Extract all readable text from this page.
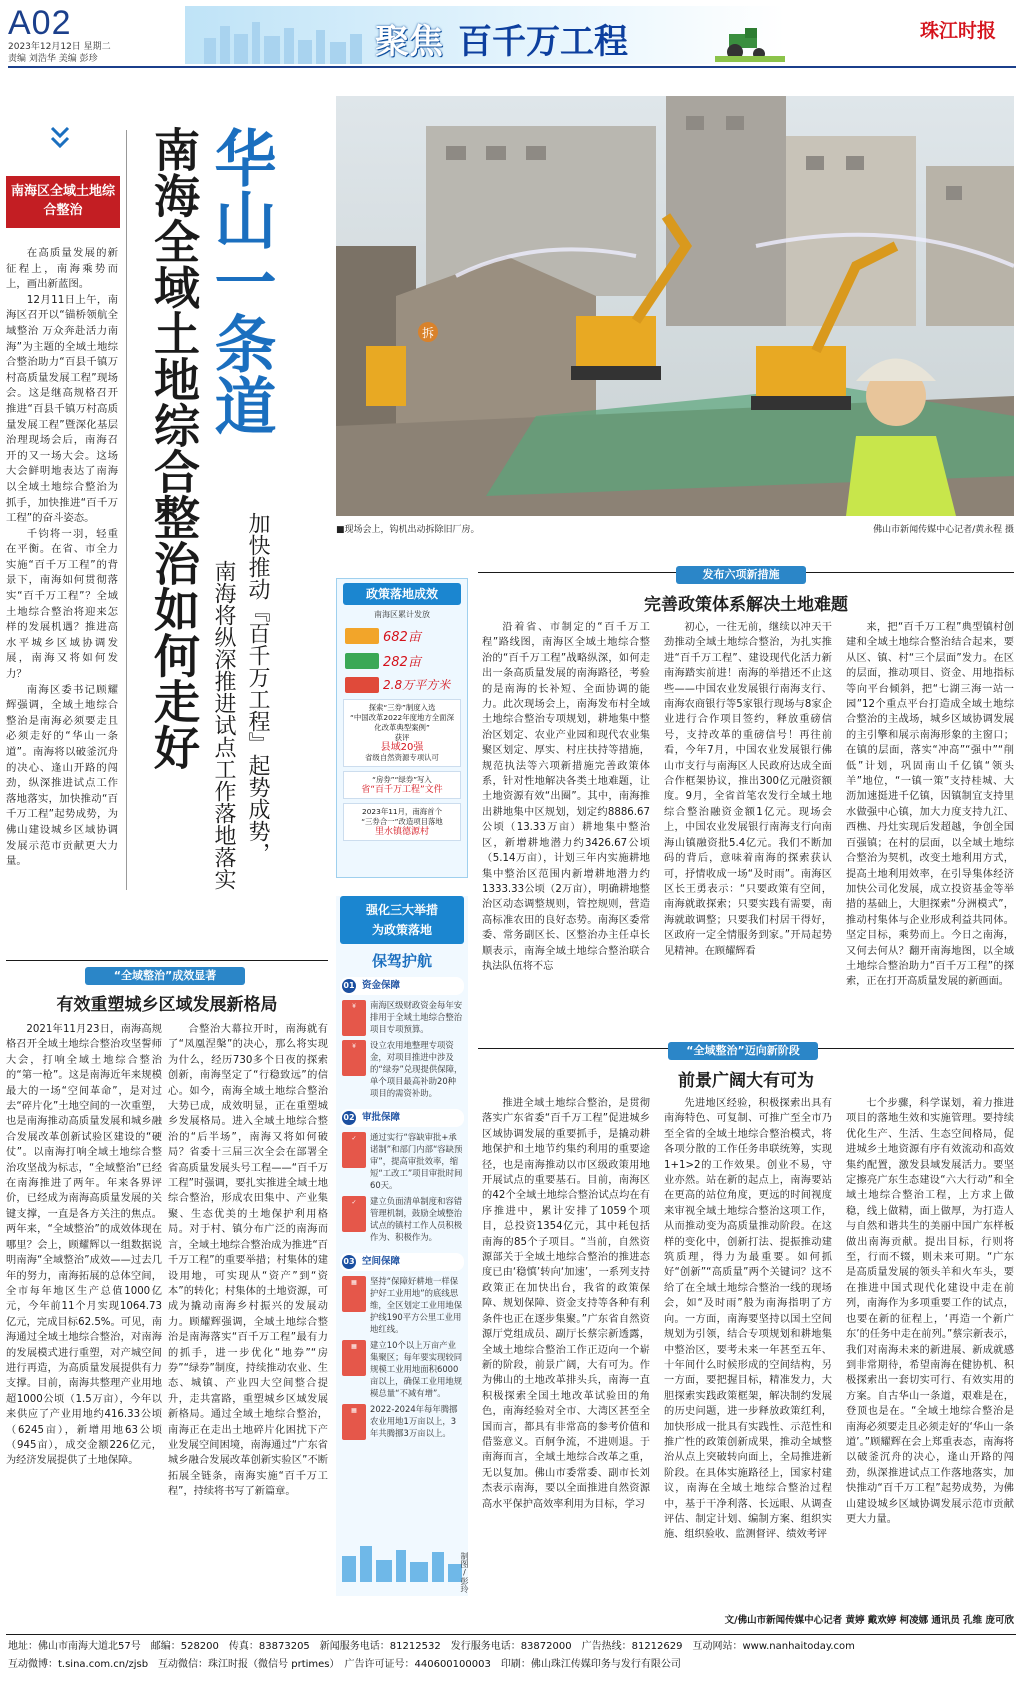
A02
2023年12月12日 星期二
责编 刘浩华 美编 彭珍	聚焦 百千万工程	珠江时报
南海区全域土地综合整治	华山一条道
南海全域土地综合整治如何走好 加快推动『百千万工程』起势成势，
南海将纵深推进试点工作落地落实

在高质量发展的新征程上，南海乘势而上，画出新蓝图。

12月11日上午，南海区召开以“锚桥领航全域整治 万众奔赴活力南海”为主题的全域土地综合整治助力“百县千镇万村高质量发展工程”现场会。这是继高规格召开推进“百县千镇万村高质量发展工程”暨深化基层治理现场会后，南海召开的又一场大会。这场大会鲜明地表达了南海以全域土地综合整治为抓手，加快推进“百千万工程”的奋斗姿态。

千钧将一羽，轻重在平衡。在省、市全力实施“百千万工程”的背景下，南海如何贯彻落实“百千万工程”？全域土地综合整治将迎来怎样的发展机遇？推进高水平城乡区域协调发展，南海又将如何发力？

南海区委书记顾耀辉强调，全域土地综合整治是南海必须要走且必须走好的“华山一条道”。南海将以破釜沉舟的决心、逢山开路的闯劲，纵深推进试点工作落地落实，加快推动“百千万工程”起势成势，为佛山建设城乡区域协调发展示范市贡献更大力量。

拆
■现场会上，钩机出动拆除旧厂房。	佛山市新闻传媒中心记者/黄永程 摄
政策落地成效
南海区累计发放
682亩
282亩
2.8万平方米
探索“三券”制度入选
“中国改革2022年度地方全面深化改革典型案例”
获评
县域20强
省级自然资源专项认可
“房券”“绿券”写入
省“百千万工程”文件
2023年11月，南海首个
“三券合一”改造项目落地
里水镇德源村
强化三大举措
为政策落地
保驾护航
01 资金保障
¥	南海区级财政资金每年安排用于全域土地综合整治项目专项预算。
¥	设立农用地整理专项资金，对项目推进中涉及的“绿券”兑现提供保障，单个项目最高补助20种项目的需资补助。
02 审批保障
✓	通过实行“容缺审批+承诺制”和部门内部“容缺预审”，提高审批效率，缩短“工改工”项目审批时间60天。
✓	建立负面清单制度和容错管理机制，鼓励全域整治试点的镇村工作人员积极作为、积极作为。
03 空间保障
▦	坚持“保障好耕地一样保护好工业用地”的底线思维，全区划定工业用地保护线190平方公里工业用地红线。
▦	建立10个以上万亩产业集聚区；每年要实现较同规模工业用地面积6000亩以上，确保工业用地规模总量“不减有增”。
▦	2022-2024年每年腾挪农业用地1万亩以上，3年共腾挪3万亩以上。
制图/彭玲
“全域整治”成效显著
有效重塑城乡区域发展新格局

2021年11月23日，南海高规格召开全域土地综合整治攻坚誓师大会，打响全域土地综合整治的“第一枪”。这是南海近年来规模最大的一场“空间革命”，是对过去“碎片化”土地空间的一次重塑，也是南海推动高质量发展和城乡融合发展改革创新试验区建设的“硬仗”。以南海打响全域土地综合整治攻坚战为标志，“全域整治”已经在南海推进了两年。年来各界评价，已经成为南海高质量发展的关键支撑，一直是各方关注的焦点。两年来，“全域整治”的成效体现在哪里？会上，顾耀辉以一组数据说明南海“全域整治”成效——过去几年的努力，南海拓展的总体空间，全市每年地区生产总值1000亿元，今年前11个月实现1064.73亿元，完成目标62.5%。可见，南海通过全域土地综合整治，对南海的发展模式进行重塑，对产城空间进行再造，为高质量发展提供有力支撑。目前，南海共整理产业用地超1000公顷（1.5万亩），今年以来供应了产业用地约416.33公顷（6245亩），新增用地63公顷（945亩），成交金额226亿元，为经济发展提供了土地保障。

合整治大幕拉开时，南海就有了“凤凰涅槃”的决心，那么将实现为什么，经历730多个日夜的探索创新，南海坚定了“行稳致远”的信心。如今，南海全域土地综合整治大势已成，成效明显，正在重塑城乡发展格局。进入全域土地综合整治的“后半场”，南海又将如何破局？省委十三届三次全会在部署全省高质量发展头号工程——“百千万工程”时强调，要扎实推进全域土地综合整治，形成农田集中、产业集聚、生态优美的土地保护利用格局。对于村、镇分布广泛的南海而言，全域土地综合整治成为推进“百千万工程”的重要举措；村集体的建设用地，可实现从“资产”到“资本”的转化；村集体的土地资源，可成为撬动南海乡村振兴的发展动力。顾耀辉强调，全域土地综合整治是南海落实“百千万工程”最有力的抓手，进一步优化“地券”“房券”“绿券”制度，持续推动农业、生态、城镇、产业四大空间整合提升，走共富路，重塑城乡区域发展新格局。通过全域土地综合整治，南海正在走出土地碎片化困扰下产业发展空间困境，南海通过“广东省城乡融合发展改革创新实验区”不断拓展全链条，南海实施“百千万工程”，持续将书写了新篇章。

发布六项新措施
完善政策体系解决土地难题

沿着省、市制定的“百千万工程”路线图，南海区全域土地综合整治的“百千万工程”战略纵深，如何走出一条高质量发展的南海路径，考验的是南海的长补短、全面协调的能力。此次现场会上，南海发布村全域土地综合整治专项规划，耕地集中整治区划定、农业产业园和现代农业集聚区划定、厚实、村庄扶持等措施，规范执法等六项新措施完善政策体系，针对性地解决各类土地难题，让土地资源有效“出圈”。其中，南海推出耕地集中区规划，划定约8886.67公顷（13.33万亩）耕地集中整治区，新增耕地潜力约3426.67公顷（5.14万亩），计划三年内实施耕地集中整治区范围内新增耕地潜力约1333.33公顷（2万亩），明确耕地整治区动态调整规则，管控规则，营造高标准农田的良好态势。南海区委常委、常务副区长、区整治办主任卓长顺表示，南海全域土地综合整治联合执法队伍将不忘

初心，一往无前，继续以冲天干劲推动全域土地综合整治，为扎实推进“百千万工程”、建设现代化活力新南海踏实前进！南海的举措还不止这些——中国农业发展银行南海支行、南海农商银行等5家银行现场与8家企业进行合作项目签约，释放重磅信号，支持改革的重磅信号！再往前看，今年7月，中国农业发展银行佛山市支行与南海区人民政府达成全面合作框架协议，推出300亿元融资额度。9月，全省首笔农发行全域土地综合整治融资金额1亿元。现场会上，中国农业发展银行南海支行向南海山镇融资批5.4亿元。我们不断加码的背后，意味着南海的探索获认可，抒情收成一场“及时雨”。南海区区长王勇表示：“只要政策有空间，南海就敢探索；只要实践有需要，南海就敢调整；只要我们村居干得好，区政府一定全情服务到家。”开局起势见精神。在顾耀辉看

来，把“百千万工程”典型镇村创建和全域土地综合整治结合起来，要从区、镇、村“三个层面”发力。在区的层面，推动项目、资金、用地指标等向平台倾斜，把“七湖三海一站一园”12个重点平台打造成全域土地综合整治的主战场，城乡区域协调发展的主引擎和展示南海形象的主窗口；在镇的层面，落实“冲高”“强中”“削低”计划，巩固南山千亿镇“领头羊”地位，“一镇一策”支持桂城、大沥加速挺进千亿镇，因镇制宜支持里水做强中心镇，加大力度支持九江、西樵、丹灶实现后发超越，争创全国百强镇；在村的层面，以全域土地综合整治为契机，改变土地利用方式，提高土地利用效率，在引导集体经济加快公司化发展，成立投资基金等举措的基础上，大胆探索“分洲模式”，推动村集体与企业形成利益共同体。坚定目标，乘势而上。今日之南海，又何去何从？翻开南海地图，以全域土地综合整治助力“百千万工程”的探索，正在打开高质量发展的新画面。

“全域整治”迈向新阶段
前景广阔大有可为

推进全域土地综合整治，是贯彻落实广东省委“百千万工程”促进城乡区域协调发展的重要抓手，是撬动耕地保护和土地节约集约利用的重要途径，也是南海推动以市区级政策用地开展试点的重要基石。目前，南海区的42个全域土地综合整治试点均在有序推进中，累计安排了1059个项目，总投资1354亿元，其中耗包括南海的85个子项目。“当前，自然资源部关于全域土地综合整治的推进态度已由‘稳慎’转向‘加速’，一系列支持政策正在加快出台，我省的政策保障、规划保障、资金支持等各种有利条件也正在逐步集聚。”广东省自然资源厅党组成员、副厅长蔡宗新透露，全域土地综合整治工作正迈向一个崭新的阶段，前景广阔，大有可为。作为佛山的土地改革排头兵，南海一直积极探索全国土地改革试验田的角色，南海经验对全市、大湾区甚至全国而言，都具有非常高的参考价值和借鉴意义。百舸争流，不进则退。于南海而言，全域土地综合改革之重，无以复加。佛山市委常委、副市长刘杰表示南海，要以全面推进自然资源高水平保护高效率利用为目标，学习

先进地区经验，积极探索出具有南海特色、可复制、可推广至全市乃至全省的全域土地综合整治模式，将各项分散的工作任务串联统筹，实现1+1>2的工作效果。创业不易，守业亦然。站在新的起点上，南海要站在更高的站位角度，更远的时间视度来审视全域土地综合整治这项工作，从而推动变为高质量推动阶段。在这样的变化中，创新打法、提振推动建筑质理，得力为最重要。如何抓好“创新”“高质量”两个关键词？这不给了在全域土地综合整治一线的现场会，如“及时雨”般为南海指明了方向。一方面，南海要坚持以国土空间规划为引领，结合专项规划和耕地集中整治区，要考未来一年甚至五年、十年间什么时候形成的空间结构，另一方面，要把握目标，精准发力，大胆探索实践政策框架，解决制约发展的历史问题，进一步释放政策红利，加快形成一批具有实践性、示范性和推广性的政策创新成果，推动全域整治从点上突破转向面上，全局推进新阶段。在具体实施路径上，国家村建议，南海在全域土地综合整治过程中，基于干净利落、长远眼、从调查评估、制定计划、编制方案、组织实施、组织验收、监测督评、绩效考评

七个步骤，科学谋划，着力推进项目的落地生效和实施管理。要持续优化生产、生活、生态空间格局，促进城乡土地资源有序有效流动和高效集约配置，激发县域发展活力。要坚定擦亮广东生态建设“六大行动”和全域土地综合整治工程，上方求上做稳，线上做精，面上做厚，为打造人与自然和谐共生的美丽中国广东样板做出南海贡献。提出目标，行则将至，行而不辍，则未来可期。“广东是高质量发展的领头羊和火车头，要在推进中国式现代化建设中走在前列，南海作为多项重要工作的试点，也要在新的征程上，‘再造一个新广东’的任务中走在前列。”蔡宗新表示，我们对南海未来的新进展、新成就感到非常期待，希望南海在健协机、积极探索出一套切实可行、有效实用的方案。自古华山一条道，艰难是在，登顶也是在。“全域土地综合整治是南海必须要走且必须走好的‘华山一条道’。”顾耀辉在会上郑重表态，南海将以破釜沉舟的决心，逢山开路的闯劲，纵深推进试点工作落地落实，加快推动“百千万工程”起势成势，为佛山建设城乡区域协调发展示范市贡献更大力量。

文/佛山市新闻传媒中心记者 黄婷 戴欢婷 柯凌娜 通讯员 孔维 庞可欣
地址：佛山市南海大道北57号　邮编：528200　传真：83873205　新闻服务电话：81212532　发行服务电话：83872000　广告热线：81212629　互动网站：www.nanhaitoday.com
互动微博：t.sina.com.cn/zjsb　互动微信：珠江时报（微信号 prtimes）　广告许可证号：440600100003　印刷：佛山珠江传媒印务与发行有限公司
